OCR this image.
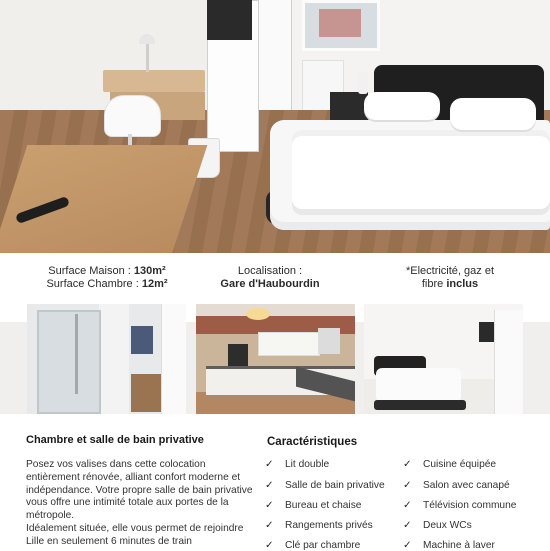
Surface Maison : 130m²
Surface Chambre : 12m²
Localisation :
Gare d'Haubourdin
*Electricité, gaz et
fibre inclus
Chambre et salle de bain privative

Posez vos valises dans cette colocation entièrement rénovée, alliant confort moderne et indépendance. Votre propre salle de bain privative vous offre une intimité totale aux portes de la métropole.

Idéalement située, elle vous permet de rejoindre Lille en seulement 6 minutes de train

Caractéristiques
✓ Lit double
✓ Salle de bain privative
✓ Bureau et chaise
✓ Rangements privés
✓ Clé par chambre
✓ Cuisine équipée
✓ Salon avec canapé
✓ Télévision commune
✓ Deux WCs
✓ Machine à laver
